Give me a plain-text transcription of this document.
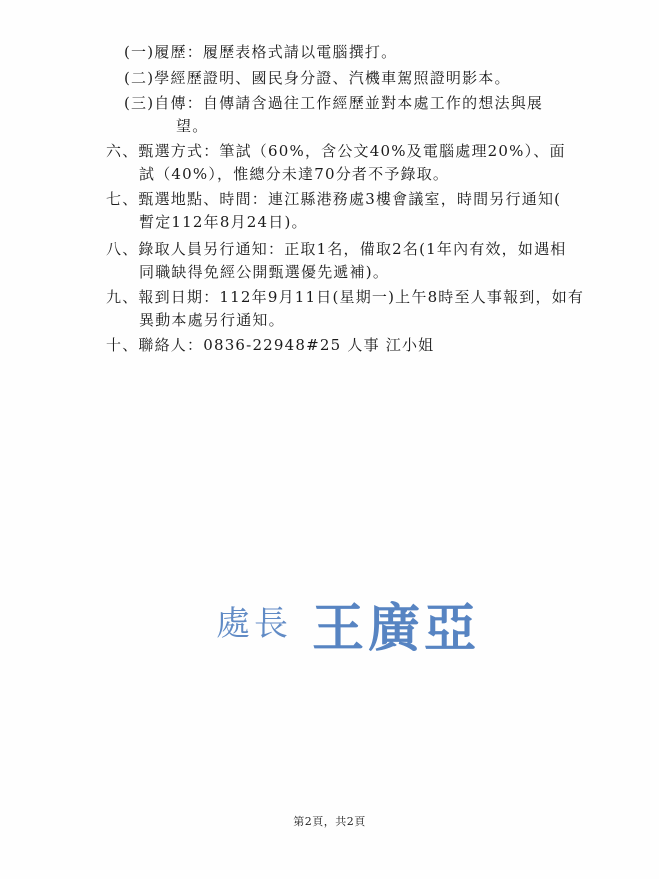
(一)履歷：履歷表格式請以電腦撰打。
(二)學經歷證明、國民身分證、汽機車駕照證明影本。
(三)自傳：自傳請含過往工作經歷並對本處工作的想法與展
望。
六、甄選方式：筆試（60%，含公文40%及電腦處理20%）、面
試（40%），惟總分未達70分者不予錄取。
七、甄選地點、時間：連江縣港務處3樓會議室，時間另行通知(
暫定112年8月24日)。
八、錄取人員另行通知：正取1名，備取2名(1年內有效，如遇相
同職缺得免經公開甄選優先遞補)。
九、報到日期：112年9月11日(星期一)上午8時至人事報到，如有
異動本處另行通知。
十、聯絡人：0836-22948#25 人事 江小姐
處長 王廣亞
第2頁，共2頁
